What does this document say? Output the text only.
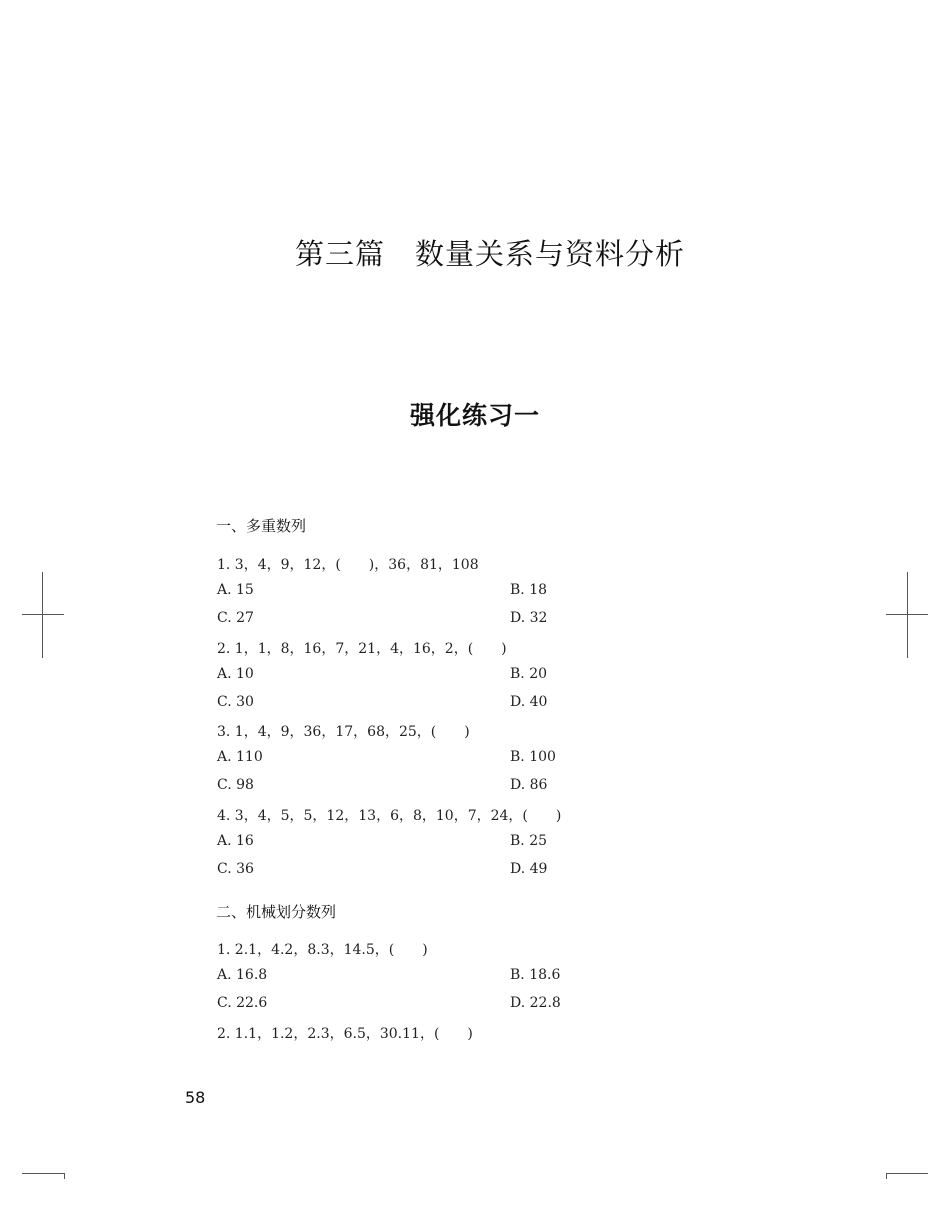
第三篇　数量关系与资料分析
强化练习一
一、多重数列
1. 3，4，9，12，(　　)，36，81，108
A. 15	B. 18
C. 27	D. 32
2. 1，1，8，16，7，21，4，16，2，(　　)
A. 10	B. 20
C. 30	D. 40
3. 1，4，9，36，17，68，25，(　　)
A. 110	B. 100
C. 98	D. 86
4. 3，4，5，5，12，13，6，8，10，7，24，(　　)
A. 16	B. 25
C. 36	D. 49
二、机械划分数列
1. 2.1，4.2，8.3，14.5，(　　)
A. 16.8	B. 18.6
C. 22.6	D. 22.8
2. 1.1，1.2，2.3，6.5，30.11，(　　)
58
